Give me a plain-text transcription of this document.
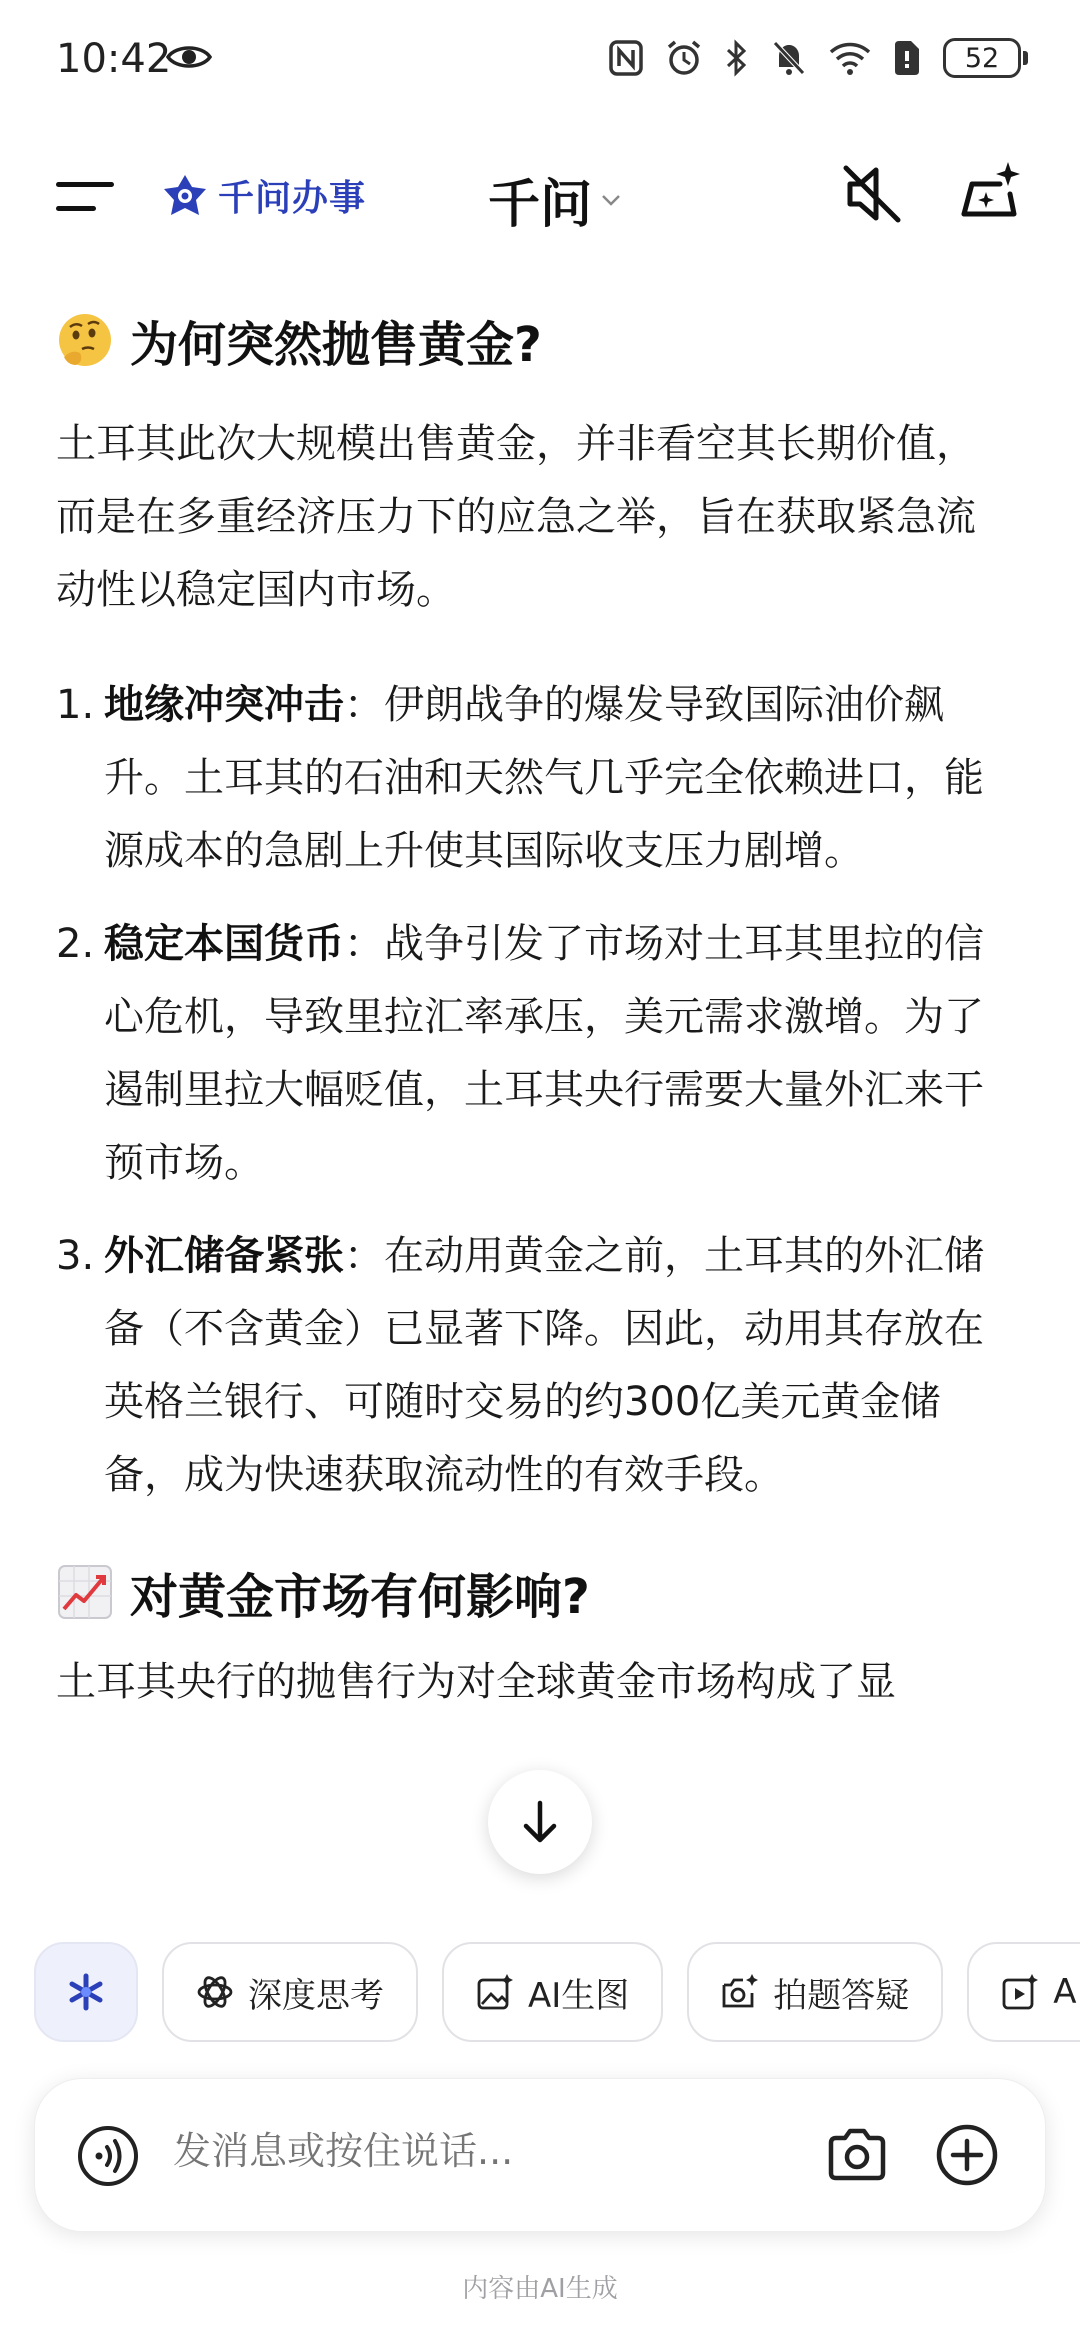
10:42	52
千问办事 千问
为何突然抛售黄金?

土耳其此次大规模出售黄金，并非看空其长期价值，而是在多重经济压力下的应急之举，旨在获取紧急流动性以稳定国内市场。

1. 地缘冲突冲击：伊朗战争的爆发导致国际油价飙升。土耳其的石油和天然气几乎完全依赖进口，能源成本的急剧上升使其国际收支压力剧增。
2. 稳定本国货币：战争引发了市场对土耳其里拉的信心危机，导致里拉汇率承压，美元需求激增。为了遏制里拉大幅贬值，土耳其央行需要大量外汇来干预市场。
3. 外汇储备紧张：在动用黄金之前，土耳其的外汇储备（不含黄金）已显著下降。因此，动用其存放在英格兰银行、可随时交易的约300亿美元黄金储备，成为快速获取流动性的有效手段。
对黄金市场有何影响?

土耳其央行的抛售行为对全球黄金市场构成了显

深度思考	AI生图	拍题答疑	A
发消息或按住说话...
内容由AI生成
